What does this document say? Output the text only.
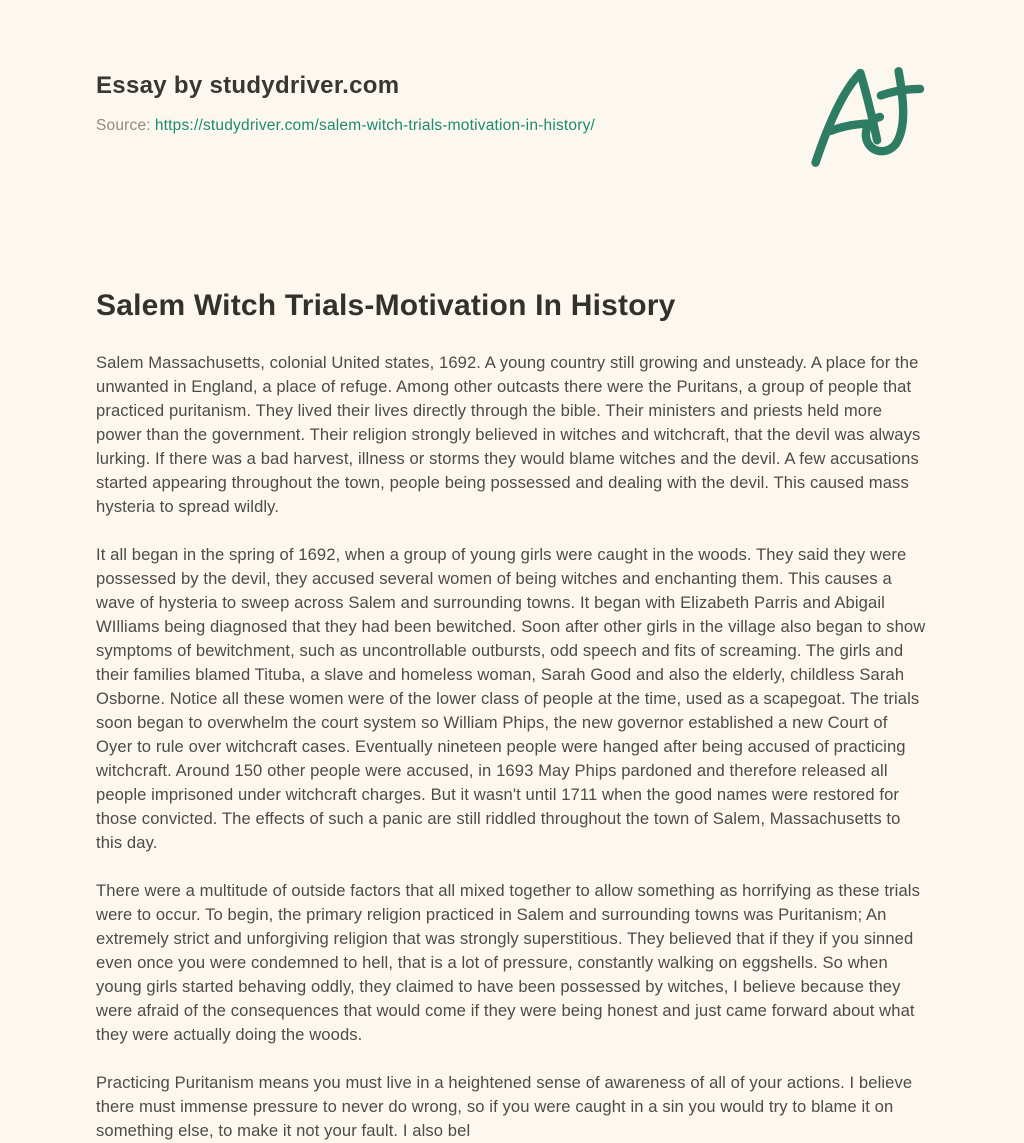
Essay by studydriver.com

Source: https://studydriver.com/salem-witch-trials-motivation-in-history/

Salem Witch Trials-Motivation In History

Salem Massachusetts, colonial United states, 1692. A young country still growing and unsteady. A place for the unwanted in England, a place of refuge. Among other outcasts there were the Puritans, a group of people that practiced puritanism. They lived their lives directly through the bible. Their ministers and priests held more power than the government. Their religion strongly believed in witches and witchcraft, that the devil was always lurking. If there was a bad harvest, illness or storms they would blame witches and the devil. A few accusations started appearing throughout the town, people being possessed and dealing with the devil. This caused mass hysteria to spread wildly.

It all began in the spring of 1692, when a group of young girls were caught in the woods. They said they were possessed by the devil, they accused several women of being witches and enchanting them. This causes a wave of hysteria to sweep across Salem and surrounding towns. It began with Elizabeth Parris and Abigail WIlliams being diagnosed that they had been bewitched. Soon after other girls in the village also began to show symptoms of bewitchment, such as uncontrollable outbursts, odd speech and fits of screaming. The girls and their families blamed Tituba, a slave and homeless woman, Sarah Good and also the elderly, childless Sarah Osborne. Notice all these women were of the lower class of people at the time, used as a scapegoat. The trials soon began to overwhelm the court system so William Phips, the new governor established a new Court of Oyer to rule over witchcraft cases. Eventually nineteen people were hanged after being accused of practicing witchcraft. Around 150 other people were accused, in 1693 May Phips pardoned and therefore released all people imprisoned under witchcraft charges. But it wasn't until 1711 when the good names were restored for those convicted. The effects of such a panic are still riddled throughout the town of Salem, Massachusetts to this day.

There were a multitude of outside factors that all mixed together to allow something as horrifying as these trials were to occur. To begin, the primary religion practiced in Salem and surrounding towns was Puritanism; An extremely strict and unforgiving religion that was strongly superstitious. They believed that if they if you sinned even once you were condemned to hell, that is a lot of pressure, constantly walking on eggshells. So when young girls started behaving oddly, they claimed to have been possessed by witches, I believe because they were afraid of the consequences that would come if they were being honest and just came forward about what they were actually doing the woods.

Practicing Puritanism means you must live in a heightened sense of awareness of all of your actions. I believe there must immense pressure to never do wrong, so if you were caught in a sin you would try to blame it on something else, to make it not your fault. I also bel
